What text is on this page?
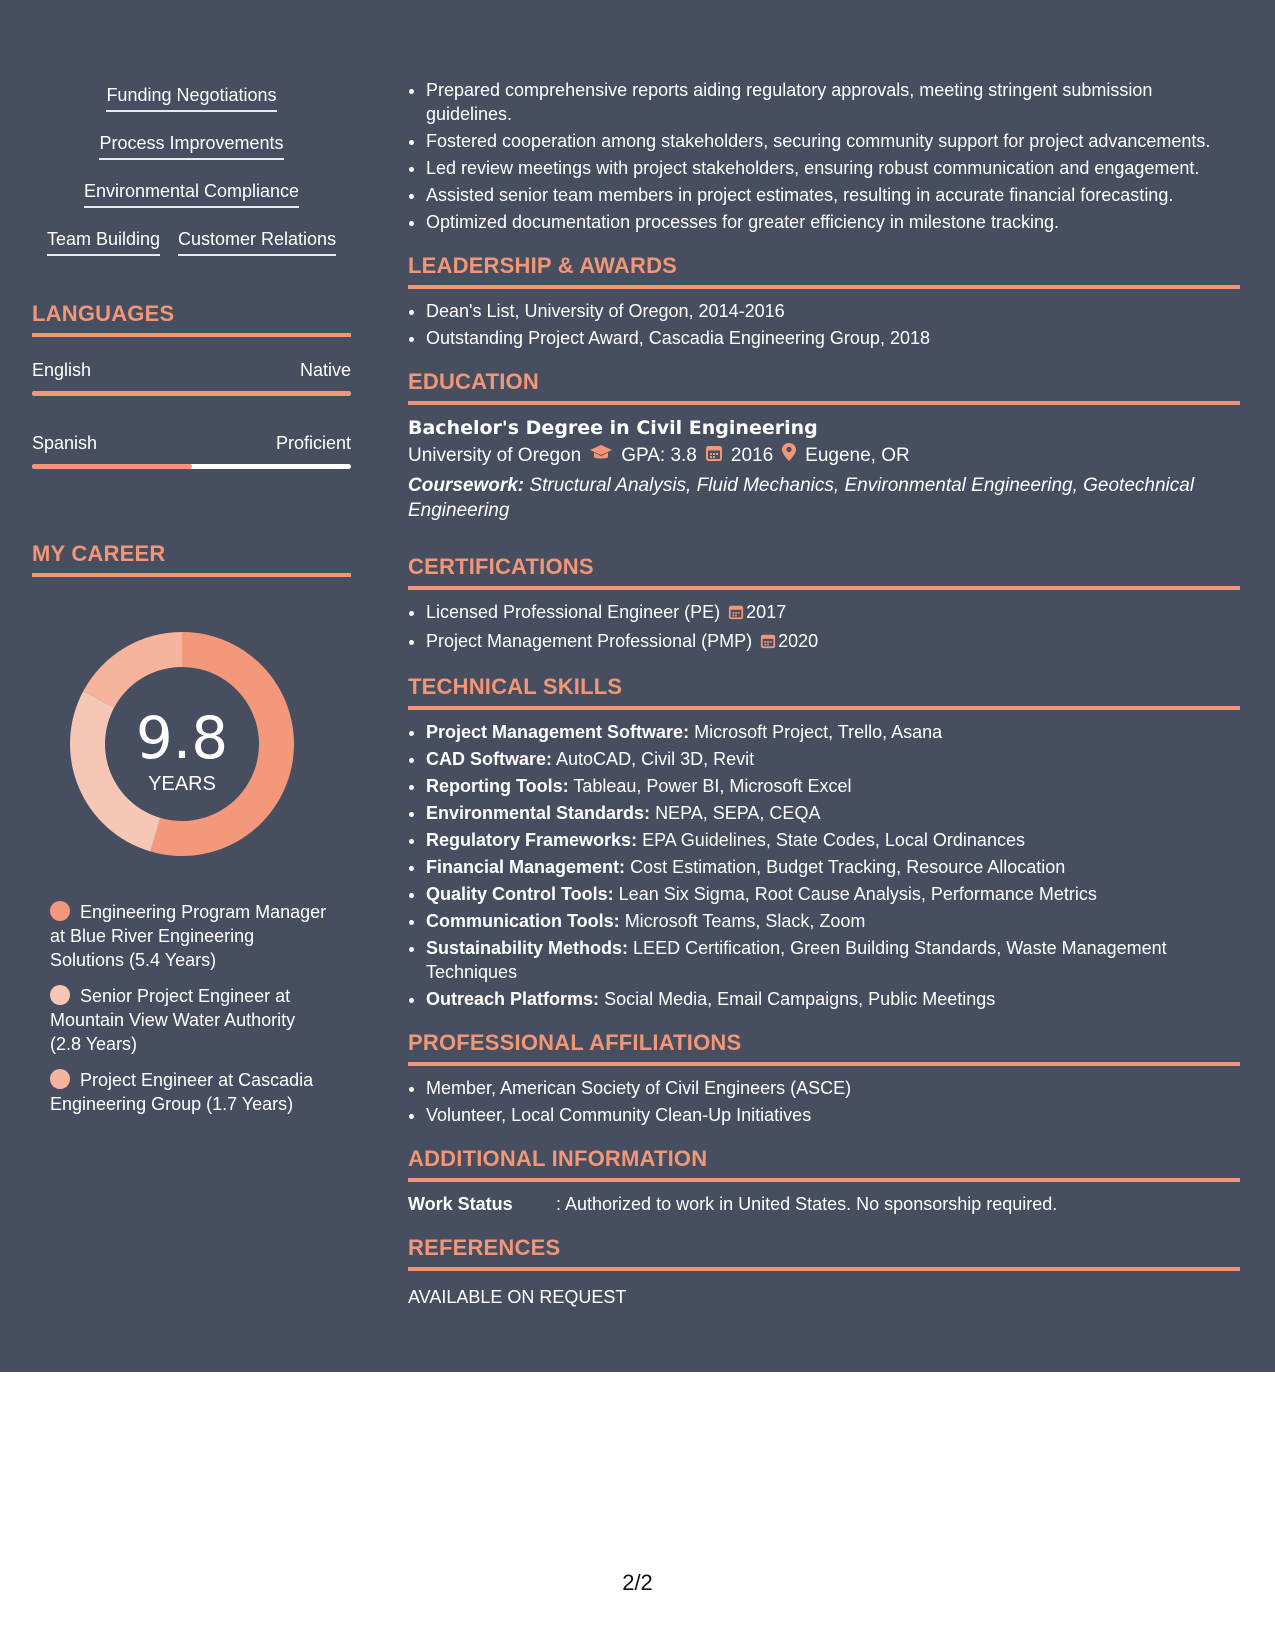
Funding Negotiations
Process Improvements
Environmental Compliance
Team Building Customer Relations
LANGUAGES
English	Native
Spanish	Proficient
MY CAREER
9.8
YEARS
Engineering Program Manager at Blue River Engineering Solutions (5.4 Years)
Senior Project Engineer at Mountain View Water Authority (2.8 Years)
Project Engineer at Cascadia Engineering Group (1.7 Years)
• Prepared comprehensive reports aiding regulatory approvals, meeting stringent submission guidelines.
• Fostered cooperation among stakeholders, securing community support for project advancements.
• Led review meetings with project stakeholders, ensuring robust communication and engagement.
• Assisted senior team members in project estimates, resulting in accurate financial forecasting.
• Optimized documentation processes for greater efficiency in milestone tracking.
LEADERSHIP & AWARDS
• Dean's List, University of Oregon, 2014-2016
• Outstanding Project Award, Cascadia Engineering Group, 2018
EDUCATION
Bachelor's Degree in Civil Engineering
University of Oregon GPA: 3.8 2016 Eugene, OR
Coursework: Structural Analysis, Fluid Mechanics, Environmental Engineering, Geotechnical Engineering
CERTIFICATIONS
• Licensed Professional Engineer (PE) 2017
• Project Management Professional (PMP) 2020
TECHNICAL SKILLS
• Project Management Software: Microsoft Project, Trello, Asana
• CAD Software: AutoCAD, Civil 3D, Revit
• Reporting Tools: Tableau, Power BI, Microsoft Excel
• Environmental Standards: NEPA, SEPA, CEQA
• Regulatory Frameworks: EPA Guidelines, State Codes, Local Ordinances
• Financial Management: Cost Estimation, Budget Tracking, Resource Allocation
• Quality Control Tools: Lean Six Sigma, Root Cause Analysis, Performance Metrics
• Communication Tools: Microsoft Teams, Slack, Zoom
• Sustainability Methods: LEED Certification, Green Building Standards, Waste Management Techniques
• Outreach Platforms: Social Media, Email Campaigns, Public Meetings
PROFESSIONAL AFFILIATIONS
• Member, American Society of Civil Engineers (ASCE)
• Volunteer, Local Community Clean-Up Initiatives
ADDITIONAL INFORMATION
Work Status	: Authorized to work in United States. No sponsorship required.
REFERENCES
AVAILABLE ON REQUEST
2/2
